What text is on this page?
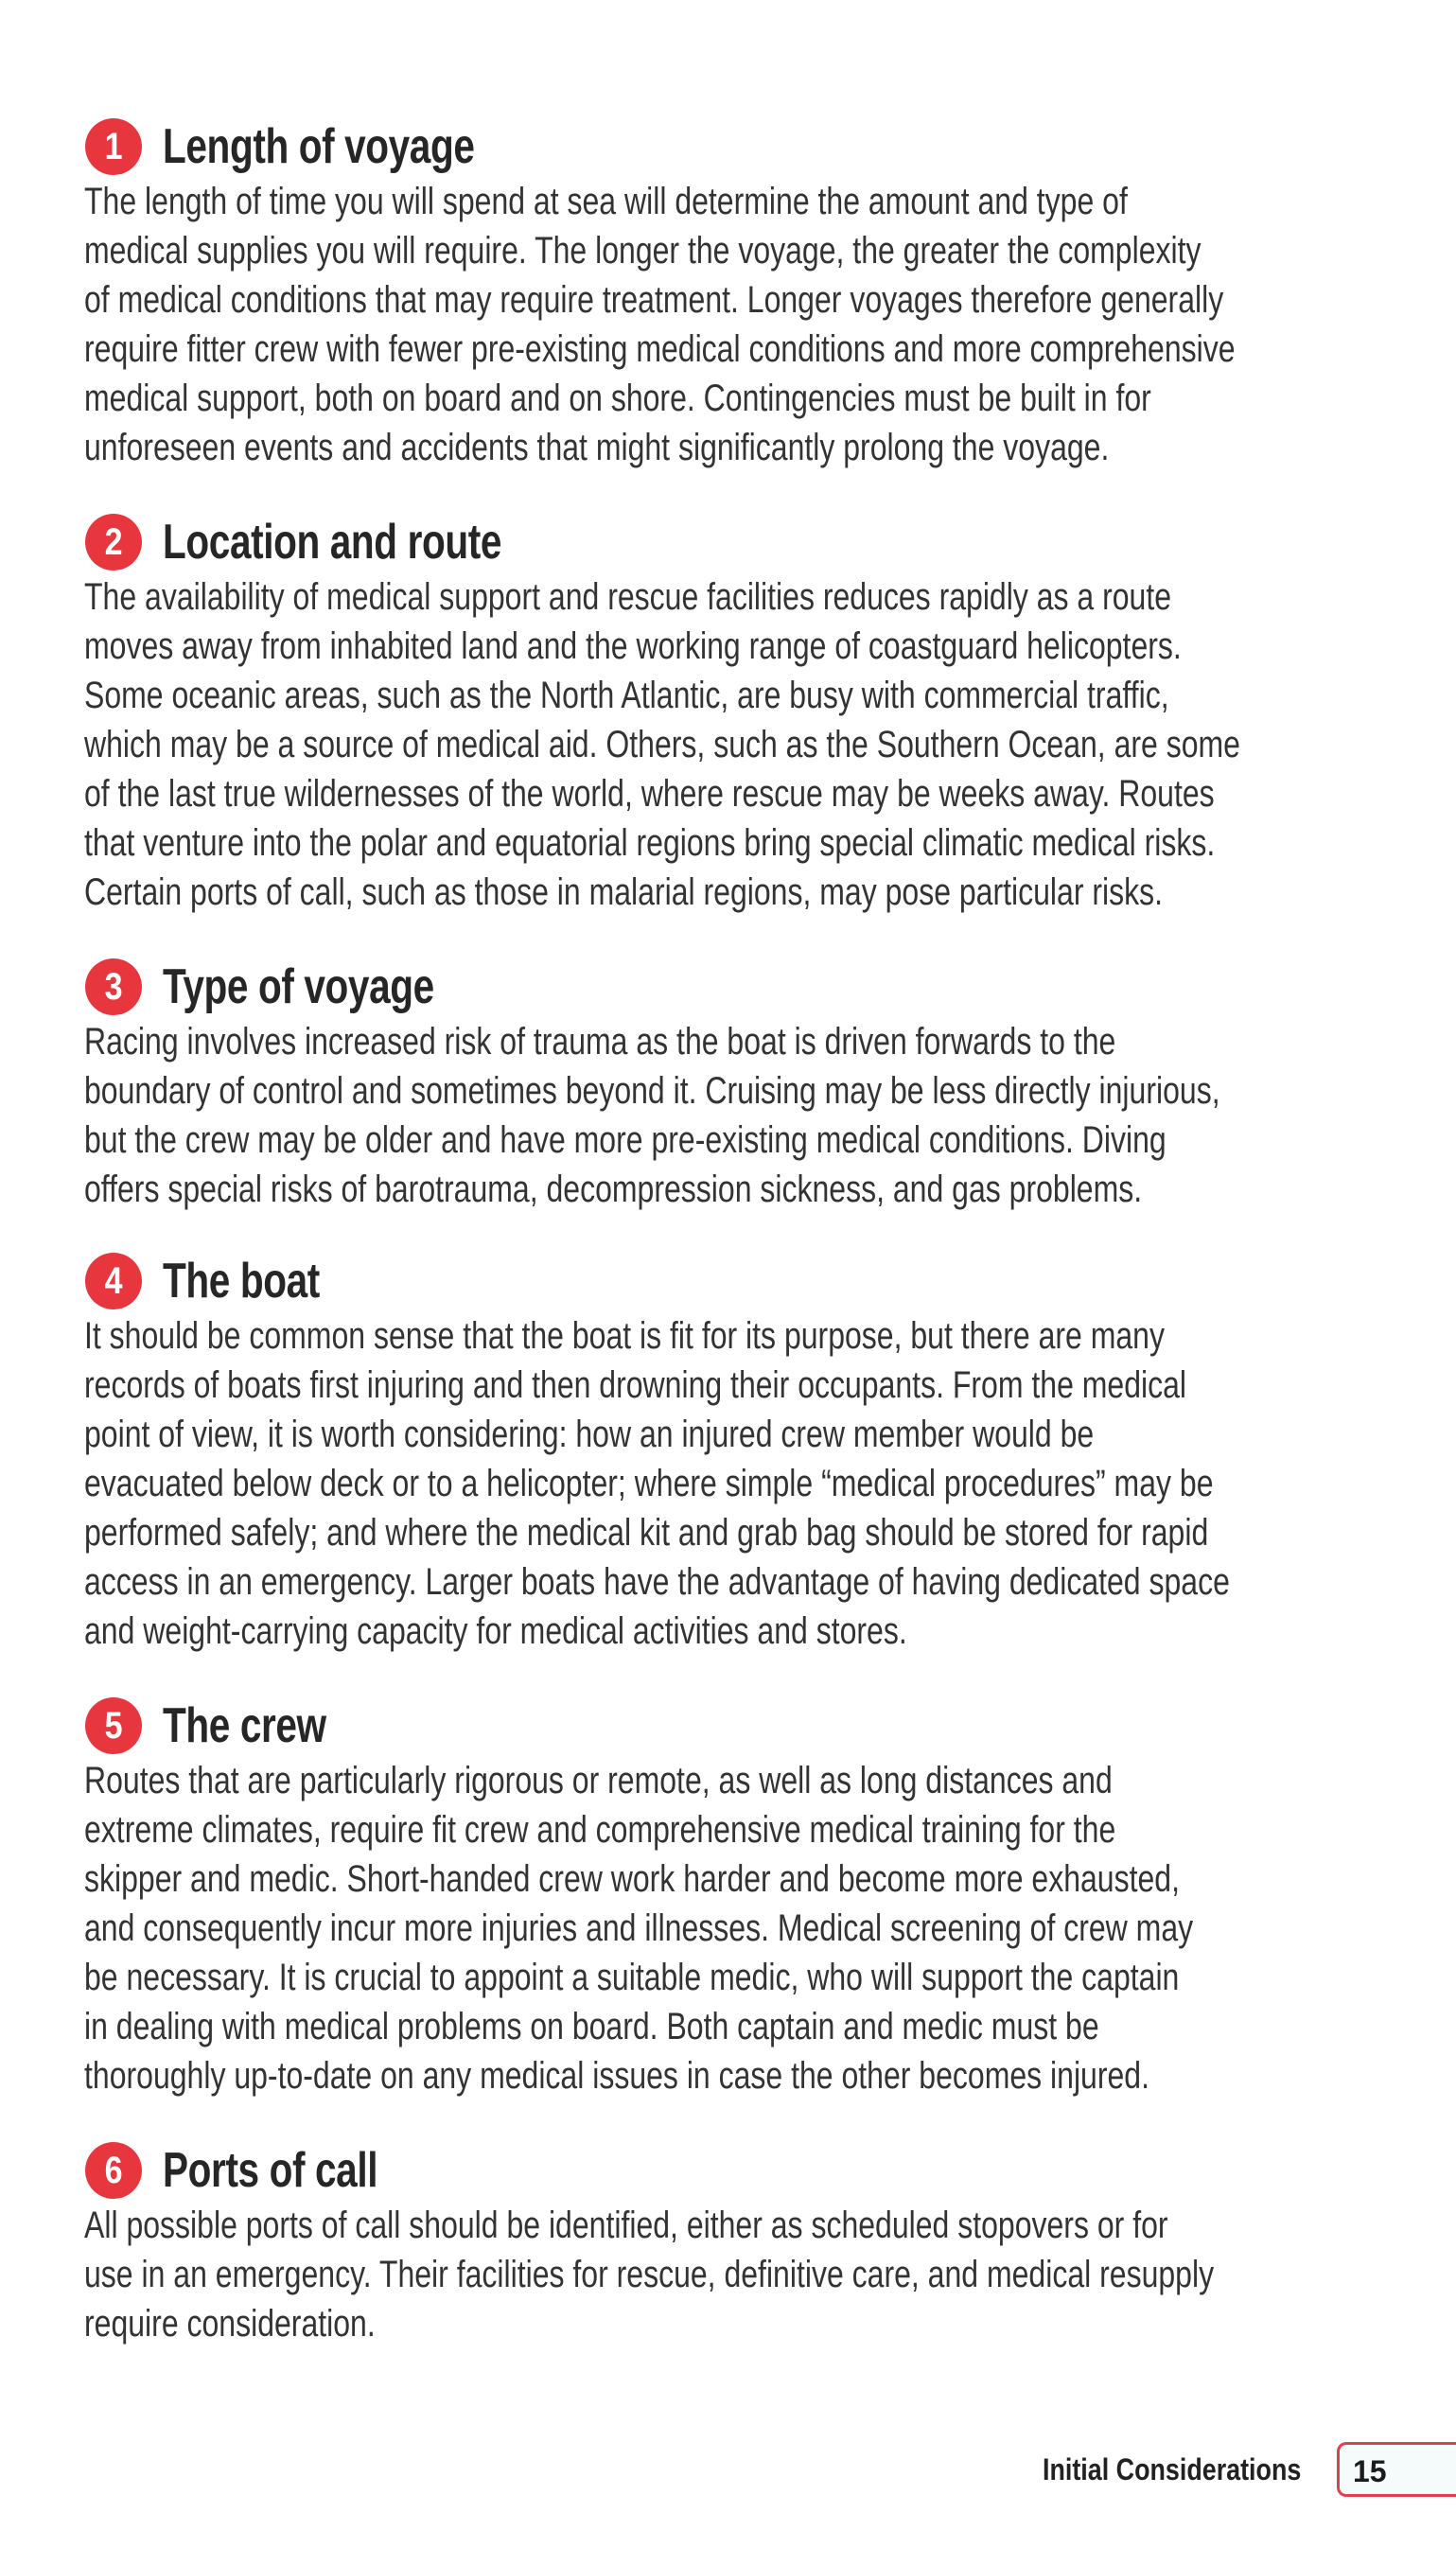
1 Length of voyage
The length of time you will spend at sea will determine the amount and type of
medical supplies you will require. The longer the voyage, the greater the complexity
of medical conditions that may require treatment. Longer voyages therefore generally
require fitter crew with fewer pre-existing medical conditions and more comprehensive
medical support, both on board and on shore. Contingencies must be built in for
unforeseen events and accidents that might significantly prolong the voyage.
2 Location and route
The availability of medical support and rescue facilities reduces rapidly as a route
moves away from inhabited land and the working range of coastguard helicopters.
Some oceanic areas, such as the North Atlantic, are busy with commercial traffic,
which may be a source of medical aid. Others, such as the Southern Ocean, are some
of the last true wildernesses of the world, where rescue may be weeks away. Routes
that venture into the polar and equatorial regions bring special climatic medical risks.
Certain ports of call, such as those in malarial regions, may pose particular risks.
3 Type of voyage
Racing involves increased risk of trauma as the boat is driven forwards to the
boundary of control and sometimes beyond it. Cruising may be less directly injurious,
but the crew may be older and have more pre-existing medical conditions. Diving
offers special risks of barotrauma, decompression sickness, and gas problems.
4 The boat
It should be common sense that the boat is fit for its purpose, but there are many
records of boats first injuring and then drowning their occupants. From the medical
point of view, it is worth considering: how an injured crew member would be
evacuated below deck or to a helicopter; where simple “medical procedures” may be
performed safely; and where the medical kit and grab bag should be stored for rapid
access in an emergency. Larger boats have the advantage of having dedicated space
and weight-carrying capacity for medical activities and stores.
5 The crew
Routes that are particularly rigorous or remote, as well as long distances and
extreme climates, require fit crew and comprehensive medical training for the
skipper and medic. Short-handed crew work harder and become more exhausted,
and consequently incur more injuries and illnesses. Medical screening of crew may
be necessary. It is crucial to appoint a suitable medic, who will support the captain
in dealing with medical problems on board. Both captain and medic must be
thoroughly up-to-date on any medical issues in case the other becomes injured.
6 Ports of call
All possible ports of call should be identified, either as scheduled stopovers or for
use in an emergency. Their facilities for rescue, definitive care, and medical resupply
require consideration.
Initial Considerations 15
